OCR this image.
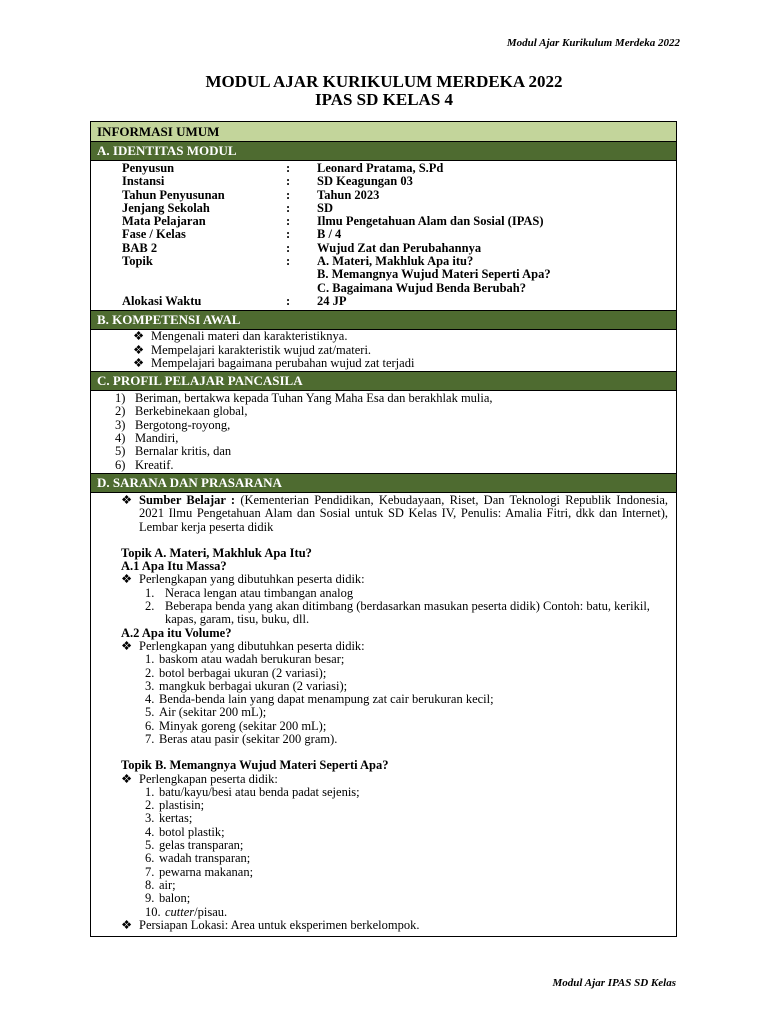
Modul Ajar Kurikulum Merdeka 2022
MODUL AJAR KURIKULUM MERDEKA 2022
IPAS SD KELAS 4
INFORMASI UMUM
A. IDENTITAS MODUL
Penyusun	:	Leonard Pratama, S.Pd
Instansi	:	SD Keagungan 03
Tahun Penyusunan	:	Tahun 2023
Jenjang Sekolah	:	SD
Mata Pelajaran	:	Ilmu Pengetahuan Alam dan Sosial (IPAS)
Fase / Kelas	:	B / 4
BAB 2	:	Wujud Zat dan Perubahannya
Topik	:	A. Materi, Makhluk Apa itu?
B. Memangnya Wujud Materi Seperti Apa?
C. Bagaimana Wujud Benda Berubah?
Alokasi Waktu	:	24 JP
B. KOMPETENSI AWAL
❖ Mengenali materi dan karakteristiknya.
❖ Mempelajari karakteristik wujud zat/materi.
❖ Mempelajari bagaimana perubahan wujud zat terjadi
C. PROFIL PELAJAR PANCASILA
1) Beriman, bertakwa kepada Tuhan Yang Maha Esa dan berakhlak mulia,
2) Berkebinekaan global,
3) Bergotong-royong,
4) Mandiri,
5) Bernalar kritis, dan
6) Kreatif.
D. SARANA DAN PRASARANA
❖ Sumber Belajar : (Kementerian Pendidikan, Kebudayaan, Riset, Dan Teknologi Republik Indonesia, 2021 Ilmu Pengetahuan Alam dan Sosial untuk SD Kelas IV, Penulis: Amalia Fitri, dkk dan Internet), Lembar kerja peserta didik
Topik A. Materi, Makhluk Apa Itu?
A.1 Apa Itu Massa?
❖ Perlengkapan yang dibutuhkan peserta didik:
1. Neraca lengan atau timbangan analog
2. Beberapa benda yang akan ditimbang (berdasarkan masukan peserta didik) Contoh: batu, kerikil, kapas, garam, tisu, buku, dll.
A.2 Apa itu Volume?
❖ Perlengkapan yang dibutuhkan peserta didik:
1. baskom atau wadah berukuran besar;
2. botol berbagai ukuran (2 variasi);
3. mangkuk berbagai ukuran (2 variasi);
4. Benda-benda lain yang dapat menampung zat cair berukuran kecil;
5. Air (sekitar 200 mL);
6. Minyak goreng (sekitar 200 mL);
7. Beras atau pasir (sekitar 200 gram).
Topik B. Memangnya Wujud Materi Seperti Apa?
❖ Perlengkapan peserta didik:
1. batu/kayu/besi atau benda padat sejenis;
2. plastisin;
3. kertas;
4. botol plastik;
5. gelas transparan;
6. wadah transparan;
7. pewarna makanan;
8. air;
9. balon;
10. cutter/pisau.
❖ Persiapan Lokasi: Area untuk eksperimen berkelompok.
Modul Ajar IPAS SD Kelas
